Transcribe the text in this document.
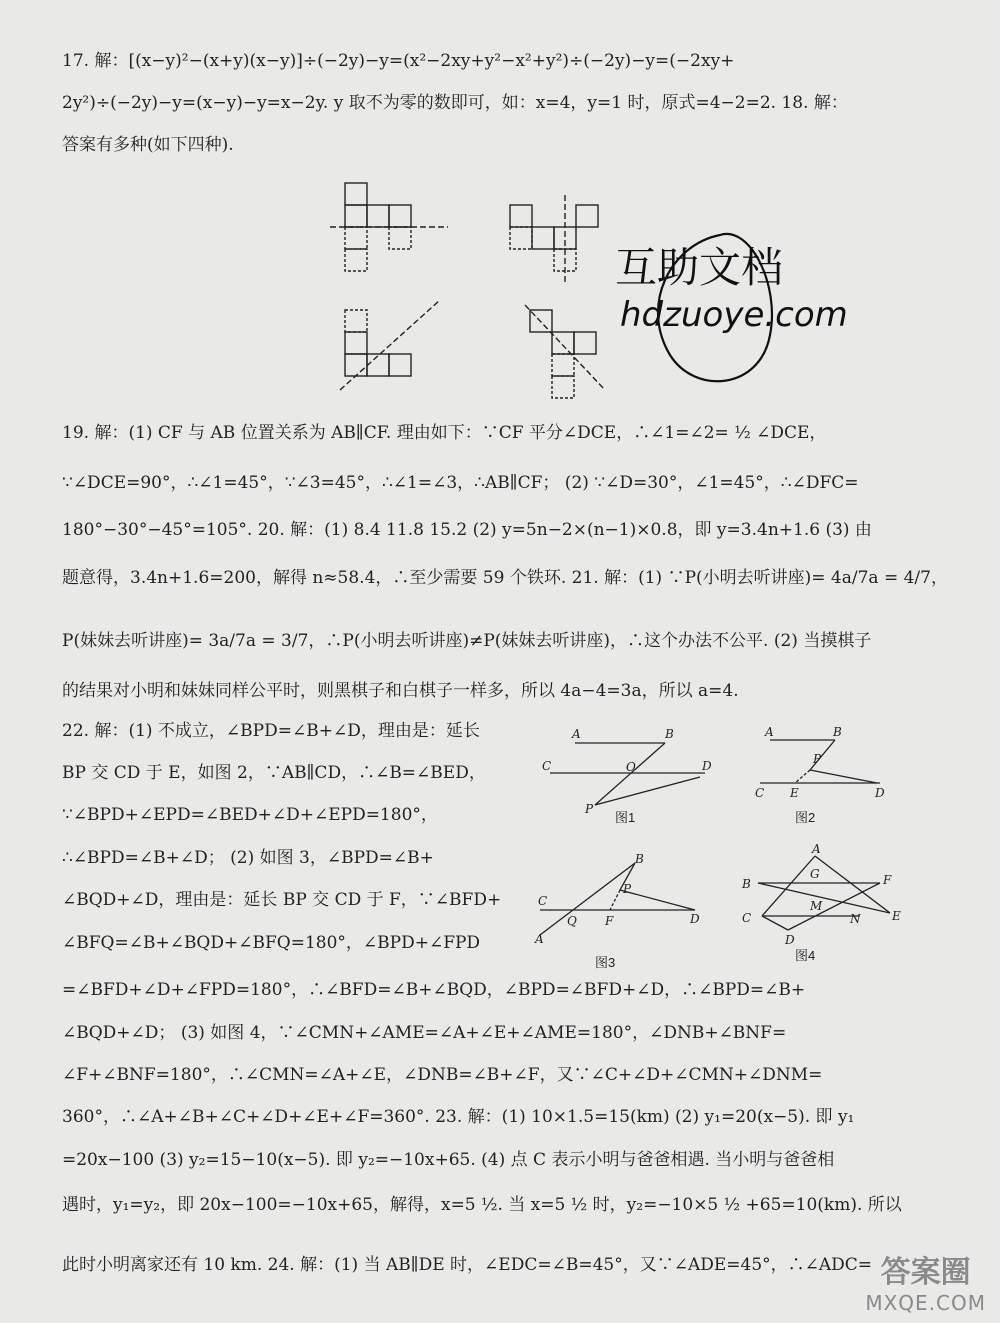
17. 解：[(x−y)²−(x+y)(x−y)]÷(−2y)−y=(x²−2xy+y²−x²+y²)÷(−2y)−y=(−2xy+
2y²)÷(−2y)−y=(x−y)−y=x−2y. y 取不为零的数即可，如：x=4，y=1 时，原式=4−2=2. 18. 解：
答案有多种(如下四种).
19. 解：(1) CF 与 AB 位置关系为 AB∥CF. 理由如下：∵CF 平分∠DCE，∴∠1=∠2= ½ ∠DCE，
∵∠DCE=90°，∴∠1=45°，∵∠3=45°，∴∠1=∠3，∴AB∥CF； (2) ∵∠D=30°，∠1=45°，∴∠DFC=
180°−30°−45°=105°. 20. 解：(1) 8.4 11.8 15.2 (2) y=5n−2×(n−1)×0.8，即 y=3.4n+1.6 (3) 由
题意得，3.4n+1.6=200，解得 n≈58.4，∴至少需要 59 个铁环. 21. 解：(1) ∵P(小明去听讲座)= 4a/7a = 4/7，
P(妹妹去听讲座)= 3a/7a = 3/7，∴P(小明去听讲座)≠P(妹妹去听讲座)，∴这个办法不公平. (2) 当摸棋子
的结果对小明和妹妹同样公平时，则黑棋子和白棋子一样多，所以 4a−4=3a，所以 a=4.
22. 解：(1) 不成立，∠BPD=∠B+∠D，理由是：延长
BP 交 CD 于 E，如图 2，∵AB∥CD，∴∠B=∠BED，
∵∠BPD+∠EPD=∠BED+∠D+∠EPD=180°，
∴∠BPD=∠B+∠D； (2) 如图 3，∠BPD=∠B+
∠BQD+∠D，理由是：延长 BP 交 CD 于 F，∵∠BFD+
∠BFQ=∠B+∠BQD+∠BFQ=180°，∠BPD+∠FPD
=∠BFD+∠D+∠FPD=180°，∴∠BFD=∠B+∠BQD，∠BPD=∠BFD+∠D，∴∠BPD=∠B+
∠BQD+∠D； (3) 如图 4，∵∠CMN+∠AME=∠A+∠E+∠AME=180°，∠DNB+∠BNF=
∠F+∠BNF=180°，∴∠CMN=∠A+∠E，∠DNB=∠B+∠F，又∵∠C+∠D+∠CMN+∠DNM=
360°，∴∠A+∠B+∠C+∠D+∠E+∠F=360°. 23. 解：(1) 10×1.5=15(km) (2) y₁=20(x−5). 即 y₁
=20x−100 (3) y₂=15−10(x−5). 即 y₂=−10x+65. (4) 点 C 表示小明与爸爸相遇. 当小明与爸爸相
遇时，y₁=y₂，即 20x−100=−10x+65，解得，x=5 ½. 当 x=5 ½ 时，y₂=−10×5 ½ +65=10(km). 所以
此时小明离家还有 10 km. 24. 解：(1) 当 AB∥DE 时，∠EDC=∠B=45°，又∵∠ADE=45°，∴∠ADC=
互助文档
hdzuoye.com
A	B
C	D
O
P
图1
A	B
C	D
E
P
图2
B
C
A
D
P
Q F
图3
A
B
C
D
E
F
G
M
N
图4
答案圈
MXQE.COM
